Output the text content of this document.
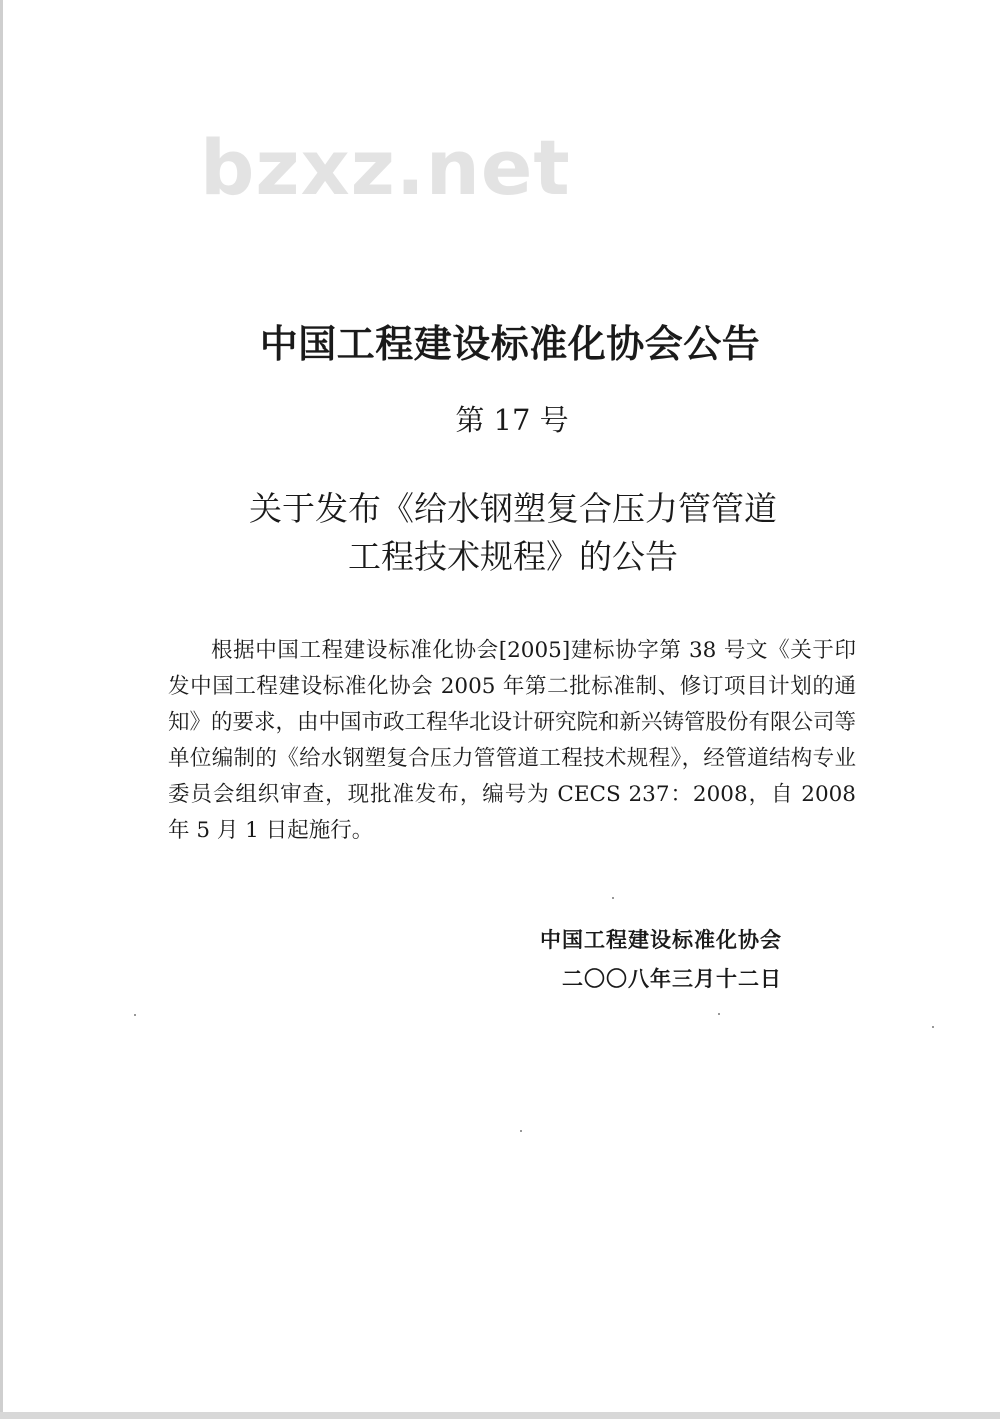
bzxz.net
中国工程建设标准化协会公告
第 17 号
关于发布《给水钢塑复合压力管管道
工程技术规程》的公告
根据中国工程建设标准化协会[2005]建标协字第 38 号文《关于印发中国工程建设标准化协会 2005 年第二批标准制、修订项目计划的通知》的要求，由中国市政工程华北设计研究院和新兴铸管股份有限公司等单位编制的《给水钢塑复合压力管管道工程技术规程》，经管道结构专业委员会组织审查，现批准发布，编号为 CECS 237：2008，自 2008 年 5 月 1 日起施行。
中国工程建设标准化协会
二〇〇八年三月十二日
